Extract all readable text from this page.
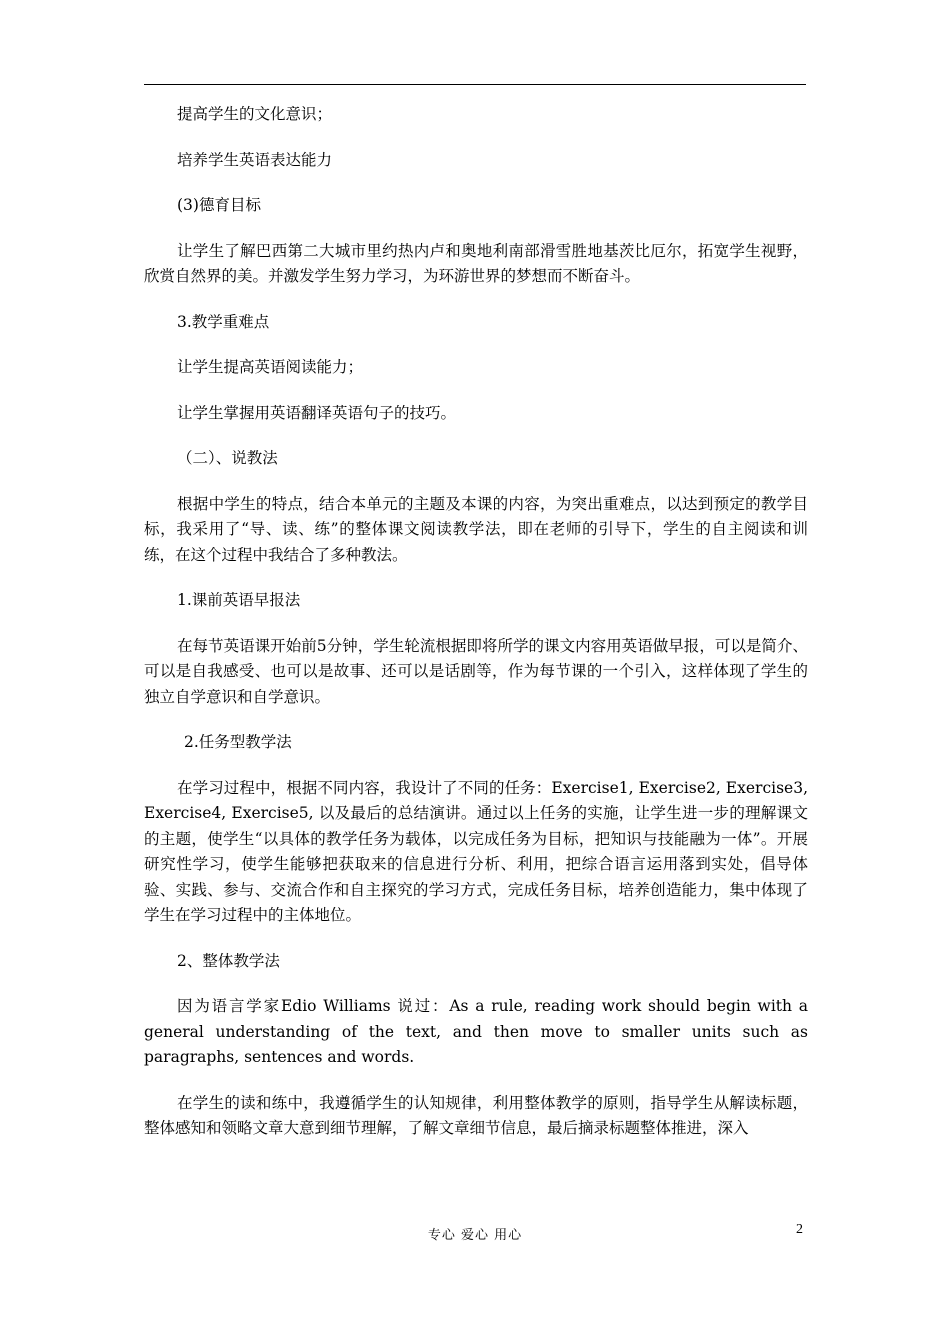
提高学生的文化意识；

培养学生英语表达能力

(3)德育目标

让学生了解巴西第二大城市里约热内卢和奥地利南部滑雪胜地基茨比厄尔，拓宽学生视野，欣赏自然界的美。并激发学生努力学习，为环游世界的梦想而不断奋斗。

3.教学重难点

让学生提高英语阅读能力；

让学生掌握用英语翻译英语句子的技巧。

（二）、说教法

根据中学生的特点，结合本单元的主题及本课的内容，为突出重难点，以达到预定的教学目标，我采用了“导、读、练”的整体课文阅读教学法，即在老师的引导下，学生的自主阅读和训练，在这个过程中我结合了多种教法。

1.课前英语早报法

在每节英语课开始前5分钟，学生轮流根据即将所学的课文内容用英语做早报，可以是简介、可以是自我感受、也可以是故事、还可以是话剧等，作为每节课的一个引入，这样体现了学生的独立自学意识和自学意识。

2.任务型教学法

在学习过程中，根据不同内容，我设计了不同的任务：Exercise1, Exercise2, Exercise3, Exercise4, Exercise5, 以及最后的总结演讲。通过以上任务的实施，让学生进一步的理解课文的主题，使学生“以具体的教学任务为载体，以完成任务为目标，把知识与技能融为一体”。开展研究性学习，使学生能够把获取来的信息进行分析、利用，把综合语言运用落到实处，倡导体验、实践、参与、交流合作和自主探究的学习方式，完成任务目标，培养创造能力，集中体现了学生在学习过程中的主体地位。

2、整体教学法

因为语言学家Edio Williams 说过：As a rule, reading work should begin with a general understanding of the text, and then move to smaller units such as paragraphs, sentences and words.

在学生的读和练中，我遵循学生的认知规律，利用整体教学的原则，指导学生从解读标题，整体感知和领略文章大意到细节理解，了解文章细节信息，最后摘录标题整体推进，深入

专心 爱心 用心	2
